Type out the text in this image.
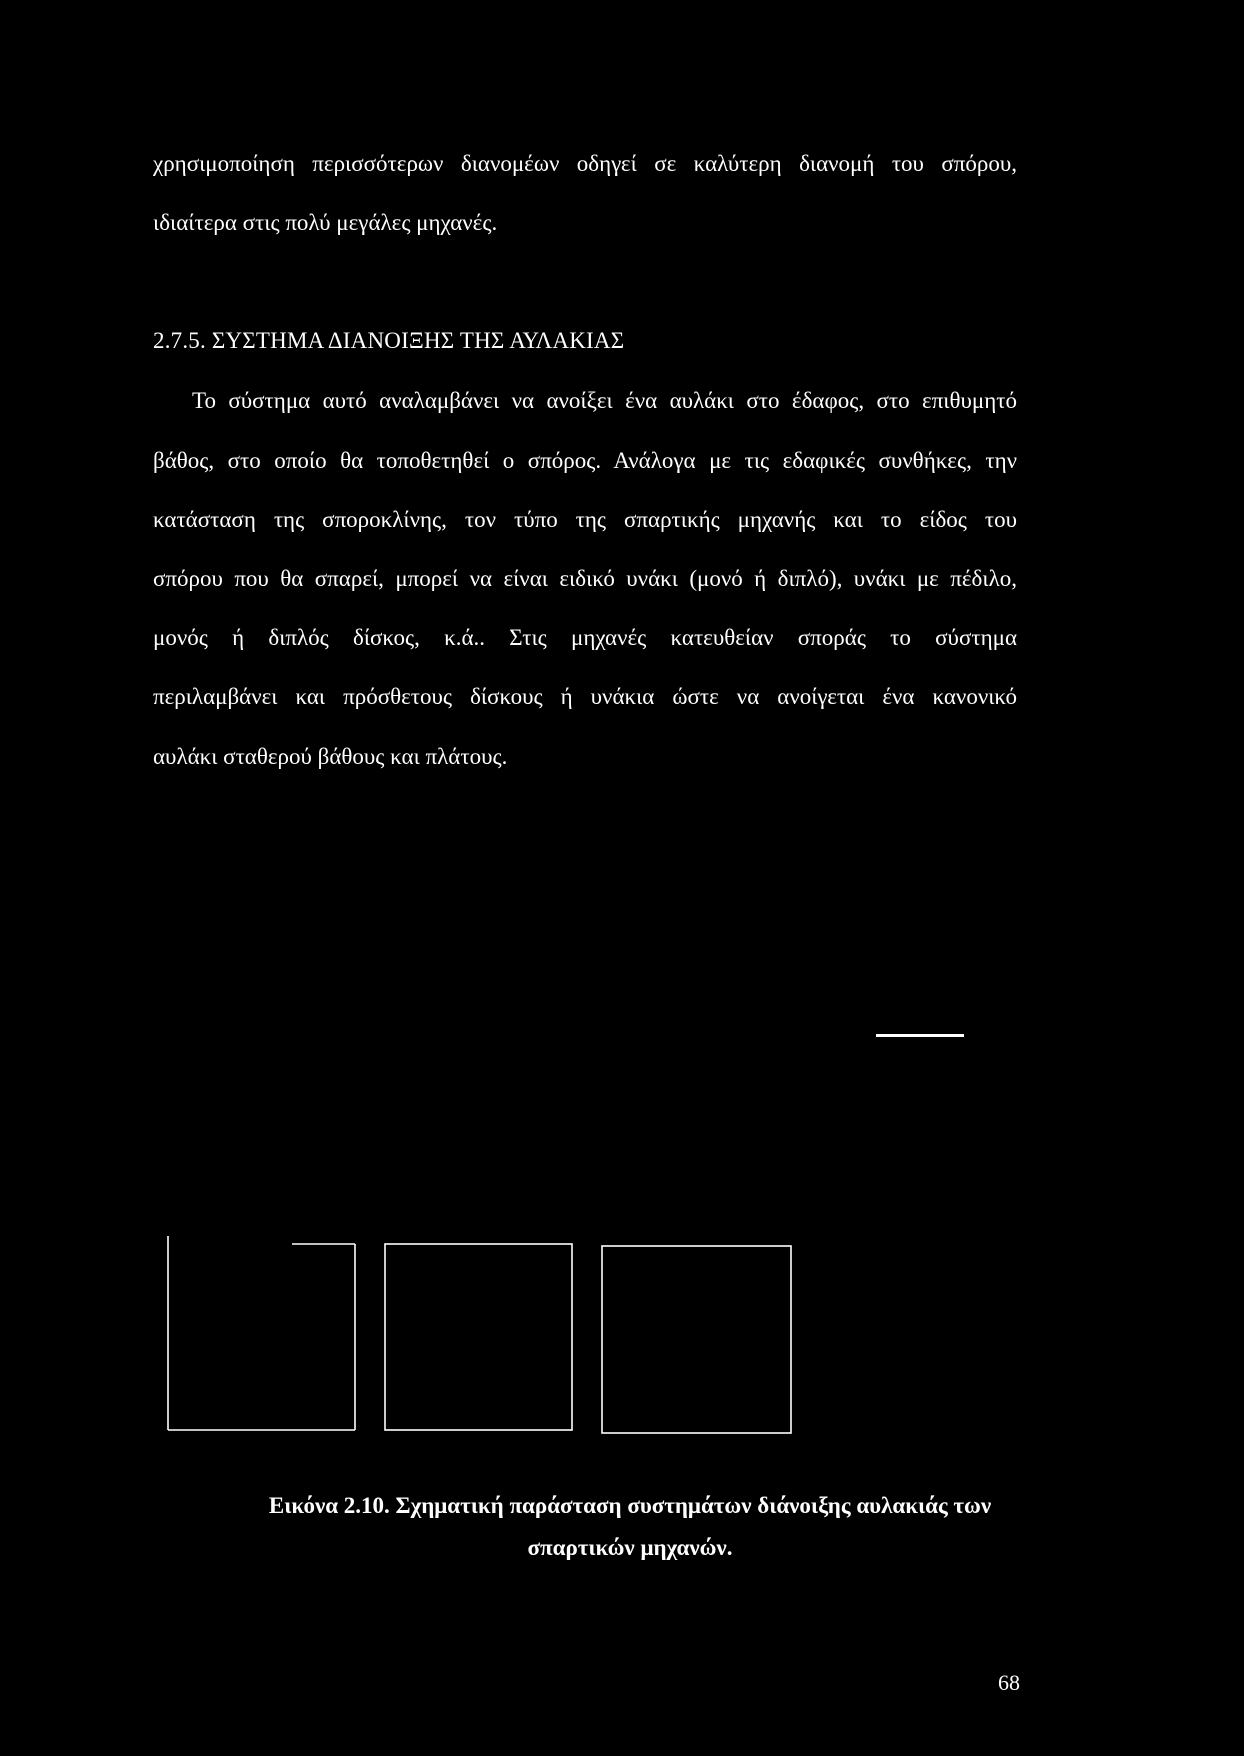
χρησιμοποίηση περισσότερων διανομέων οδηγεί σε καλύτερη διανομή του σπόρου,
ιδιαίτερα στις πολύ μεγάλες μηχανές.
2.7.5. ΣΥΣΤΗΜΑ ΔΙΑΝΟΙΞΗΣ ΤΗΣ ΑΥΛΑΚΙΑΣ
Το σύστημα αυτό αναλαμβάνει να ανοίξει ένα αυλάκι στο έδαφος, στο επιθυμητό
βάθος, στο οποίο θα τοποθετηθεί ο σπόρος. Ανάλογα με τις εδαφικές συνθήκες, την
κατάσταση της σποροκλίνης, τον τύπο της σπαρτικής μηχανής και το είδος του
σπόρου που θα σπαρεί, μπορεί να είναι ειδικό υνάκι (μονό ή διπλό), υνάκι με πέδιλο,
μονός ή διπλός δίσκος, κ.ά.. Στις μηχανές κατευθείαν σποράς το σύστημα
περιλαμβάνει και πρόσθετους δίσκους ή υνάκια ώστε να ανοίγεται ένα κανονικό
αυλάκι σταθερού βάθους και πλάτους.
Εικόνα 2.10. Σχηματική παράσταση συστημάτων διάνοιξης αυλακιάς των
σπαρτικών μηχανών.
68
